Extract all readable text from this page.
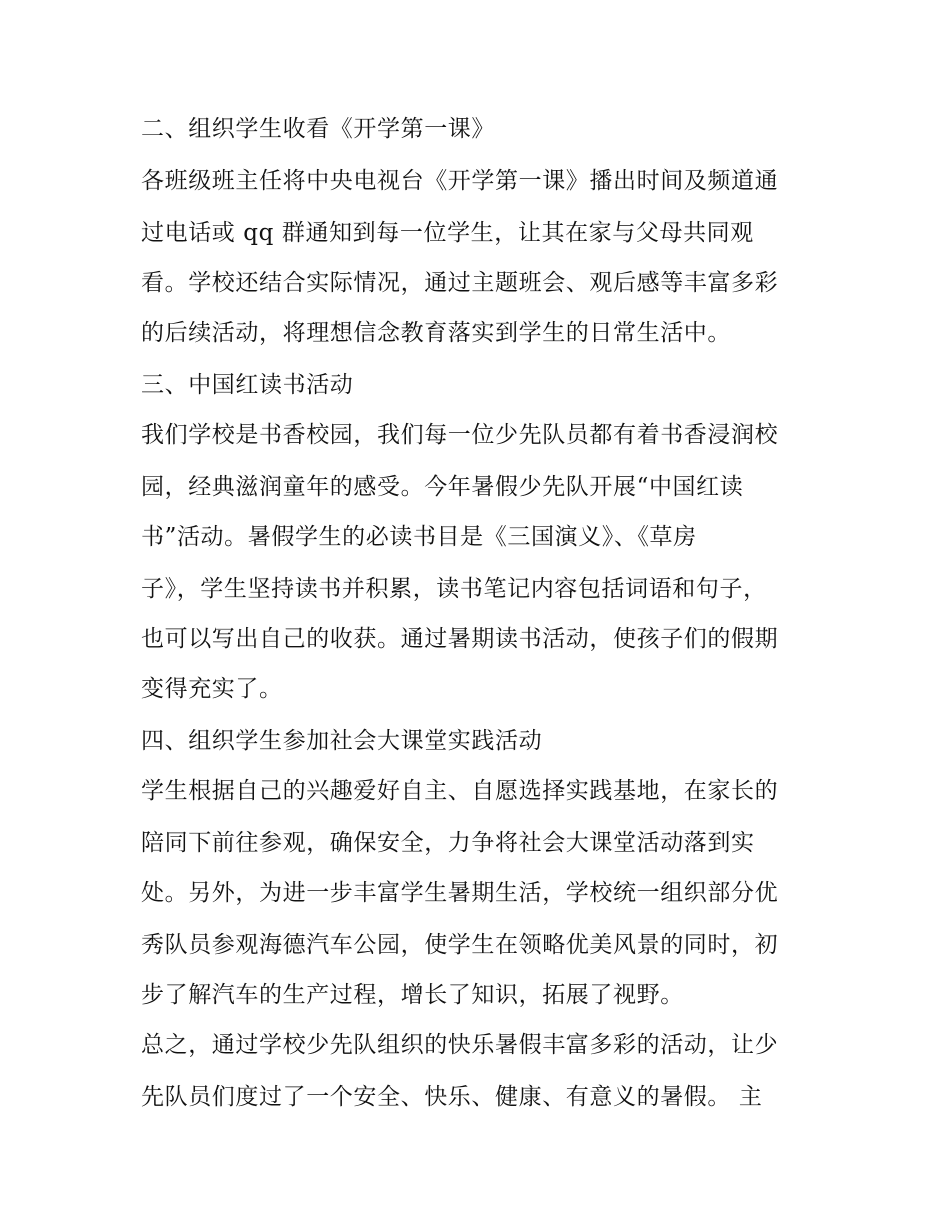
二、组织学生收看《开学第一课》
各班级班主任将中央电视台《开学第一课》播出时间及频道通
过电话或 qq 群通知到每一位学生，让其在家与父母共同观
看。学校还结合实际情况，通过主题班会、观后感等丰富多彩
的后续活动，将理想信念教育落实到学生的日常生活中。
三、中国红读书活动
我们学校是书香校园，我们每一位少先队员都有着书香浸润校
园，经典滋润童年的感受。今年暑假少先队开展“中国红读
书”活动。暑假学生的必读书目是《三国演义》、《草房
子》，学生坚持读书并积累，读书笔记内容包括词语和句子，
也可以写出自己的收获。通过暑期读书活动，使孩子们的假期
变得充实了。
四、组织学生参加社会大课堂实践活动
学生根据自己的兴趣爱好自主、自愿选择实践基地，在家长的
陪同下前往参观，确保安全，力争将社会大课堂活动落到实
处。另外，为进一步丰富学生暑期生活，学校统一组织部分优
秀队员参观海德汽车公园，使学生在领略优美风景的同时，初
步了解汽车的生产过程，增长了知识，拓展了视野。
总之，通过学校少先队组织的快乐暑假丰富多彩的活动，让少
先队员们度过了一个安全、快乐、健康、有意义的暑假。 主
